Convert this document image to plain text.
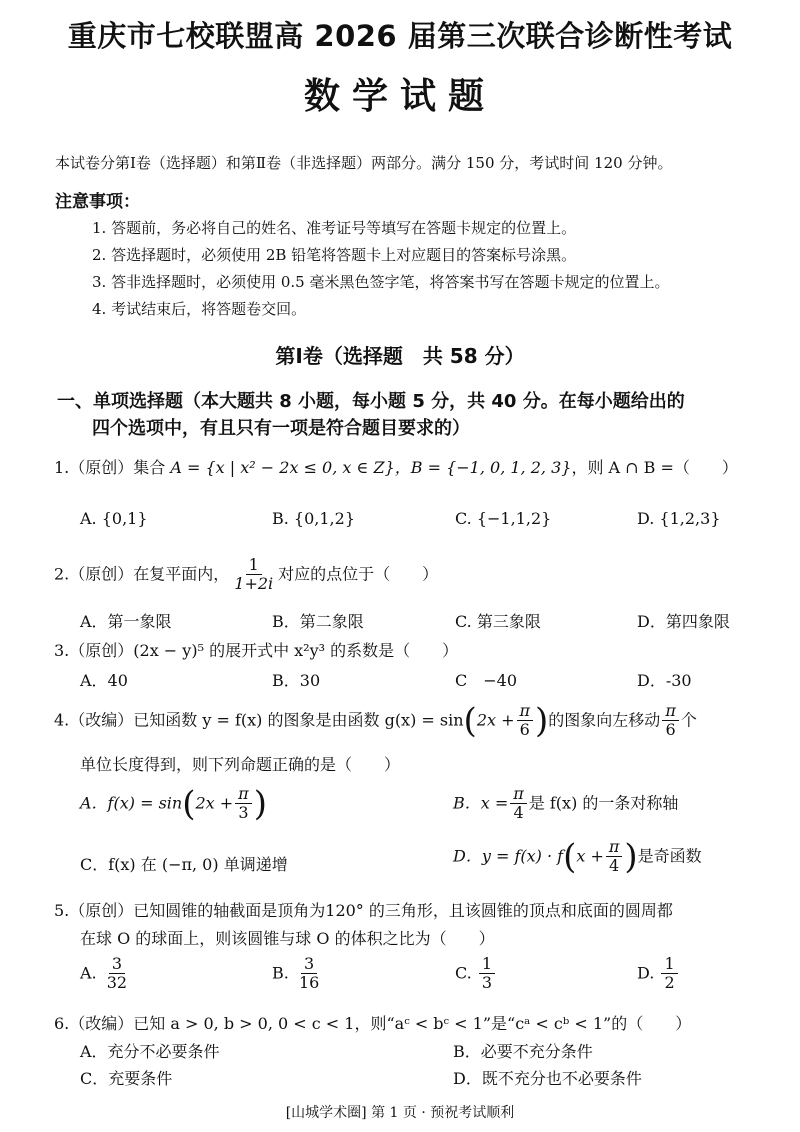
重庆市七校联盟高 2026 届第三次联合诊断性考试
数学试题
本试卷分第Ⅰ卷（选择题）和第Ⅱ卷（非选择题）两部分。满分 150 分，考试时间 120 分钟。
注意事项：
1. 答题前，务必将自己的姓名、准考证号等填写在答题卡规定的位置上。
2. 答选择题时，必须使用 2B 铅笔将答题卡上对应题目的答案标号涂黑。
3. 答非选择题时，必须使用 0.5 毫米黑色签字笔，将答案书写在答题卡规定的位置上。
4. 考试结束后，将答题卷交回。
第Ⅰ卷（选择题　共 58 分）
一、单项选择题（本大题共 8 小题，每小题 5 分，共 40 分。在每小题给出的
四个选项中，有且只有一项是符合题目要求的）
1.（原创）集合 A = {x | x² − 2x ≤ 0, x ∈ Z}，B = {−1, 0, 1, 2, 3}，则 A ∩ B =（　　）
A. {0,1}	B. {0,1,2}	C. {−1,1,2}	D. {1,2,3}
2.（原创）在复平面内， $\frac{1}{1+2i}$ 对应的点位于（　　）
A．第一象限	B．第二象限	C. 第三象限	D．第四象限
3.（原创）(2x − y)⁵ 的展开式中 x²y³ 的系数是（　　）
A．40	B．30	C　−40	D．-30
4.（改编）已知函数 y = f(x) 的图象是由函数 $g(x) = \sin(2x + \frac{\pi}{6}$ )的图象向左移动 $\frac{\pi}{6}$ 个
单位长度得到，则下列命题正确的是（　　）
A．$f(x) = \sin(2x + \frac{\pi}{3}$ )	B．$x = \frac{\pi}{4}$ 是 f(x) 的一条对称轴
C．f(x) 在 (−π, 0) 单调递增	D．$y = f(x) \cdot f(x + \frac{\pi}{4}$ )是奇函数
5.（原创）已知圆锥的轴截面是顶角为120° 的三角形，且该圆锥的顶点和底面的圆周都
在球 O 的球面上，则该圆锥与球 O 的体积之比为（　　）
A. $\frac{3}{32}$	B. $\frac{3}{16}$	C. $\frac{1}{3}$	D. $\frac{1}{2}$
6.（改编）已知 a > 0, b > 0, 0 < c < 1，则“aᶜ < bᶜ < 1”是“cᵃ < cᵇ < 1”的（　　）
A．充分不必要条件	B．必要不充分条件
C．充要条件	D．既不充分也不必要条件
[山城学术圈] 第 1 页 · 预祝考试顺利
